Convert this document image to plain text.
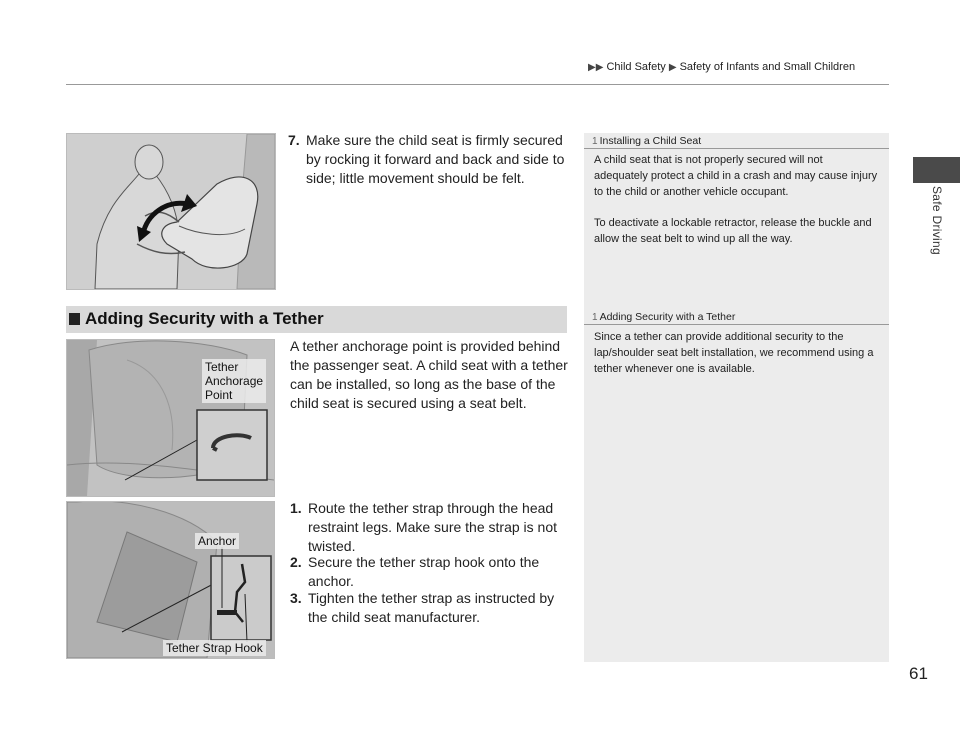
▶▶ Child Safety ▶ Safety of Infants and Small Children
Safe Driving
7. Make sure the child seat is firmly secured by rocking it forward and back and side to side; little movement should be felt.
Adding Security with a Tether
Tether
Anchorage
Point
A tether anchorage point is provided behind the passenger seat. A child seat with a tether can be installed, so long as the base of the child seat is secured using a seat belt.
Anchor
Tether Strap Hook
1. Route the tether strap through the head restraint legs. Make sure the strap is not twisted.
2. Secure the tether strap hook onto the anchor.
3. Tighten the tether strap as instructed by the child seat manufacturer.
1 Installing a Child Seat
A child seat that is not properly secured will not adequately protect a child in a crash and may cause injury to the child or another vehicle occupant.
To deactivate a lockable retractor, release the buckle and allow the seat belt to wind up all the way.
1 Adding Security with a Tether
Since a tether can provide additional security to the lap/shoulder seat belt installation, we recommend using a tether whenever one is available.
61
